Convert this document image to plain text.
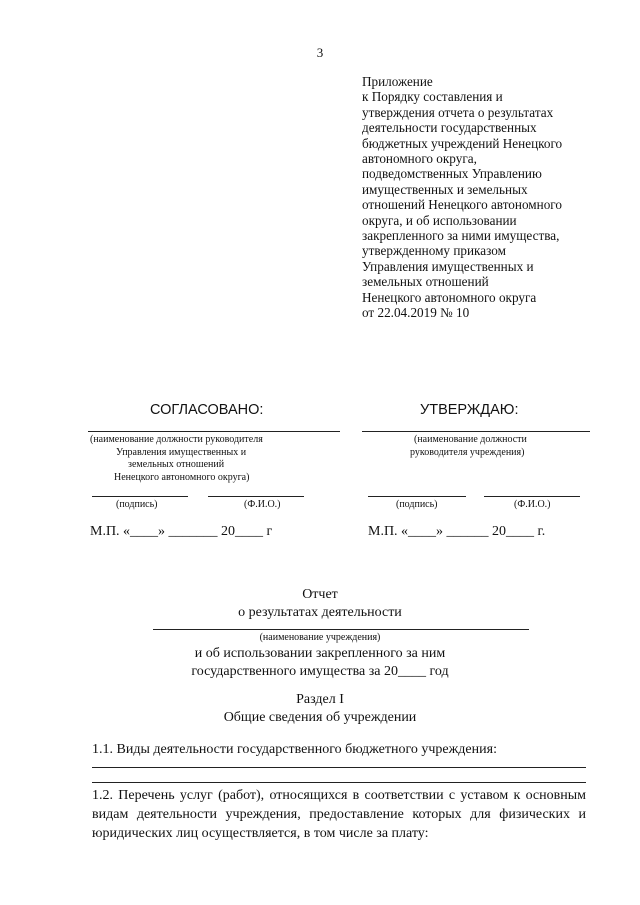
3
Приложение
к Порядку составления и
утверждения отчета о результатах
деятельности государственных
бюджетных учреждений Ненецкого
автономного округа,
подведомственных Управлению
имущественных и земельных
отношений Ненецкого автономного
округа, и об использовании
закрепленного за ними имущества,
утвержденному приказом
Управления имущественных и
земельных отношений
Ненецкого автономного округа
от 22.04.2019 № 10
СОГЛАСОВАНО:
(наименование должности руководителя
Управления имущественных и
земельных отношений
Ненецкого автономного округа)
(подпись)	(Ф.И.О.)
М.П. «____» _______ 20____ г
УТВЕРЖДАЮ:
(наименование должности
руководителя учреждения)
(подпись)	(Ф.И.О.)
М.П. «____» ______ 20____ г.
Отчет
о результатах деятельности
(наименование учреждения)
и об использовании закрепленного за ним
государственного имущества за 20____ год
Раздел I
Общие сведения об учреждении
1.1. Виды деятельности государственного бюджетного учреждения:
1.2. Перечень услуг (работ), относящихся в соответствии с уставом к основным
видам деятельности учреждения, предоставление которых для физических и
юридических лиц осуществляется, в том числе за плату:
